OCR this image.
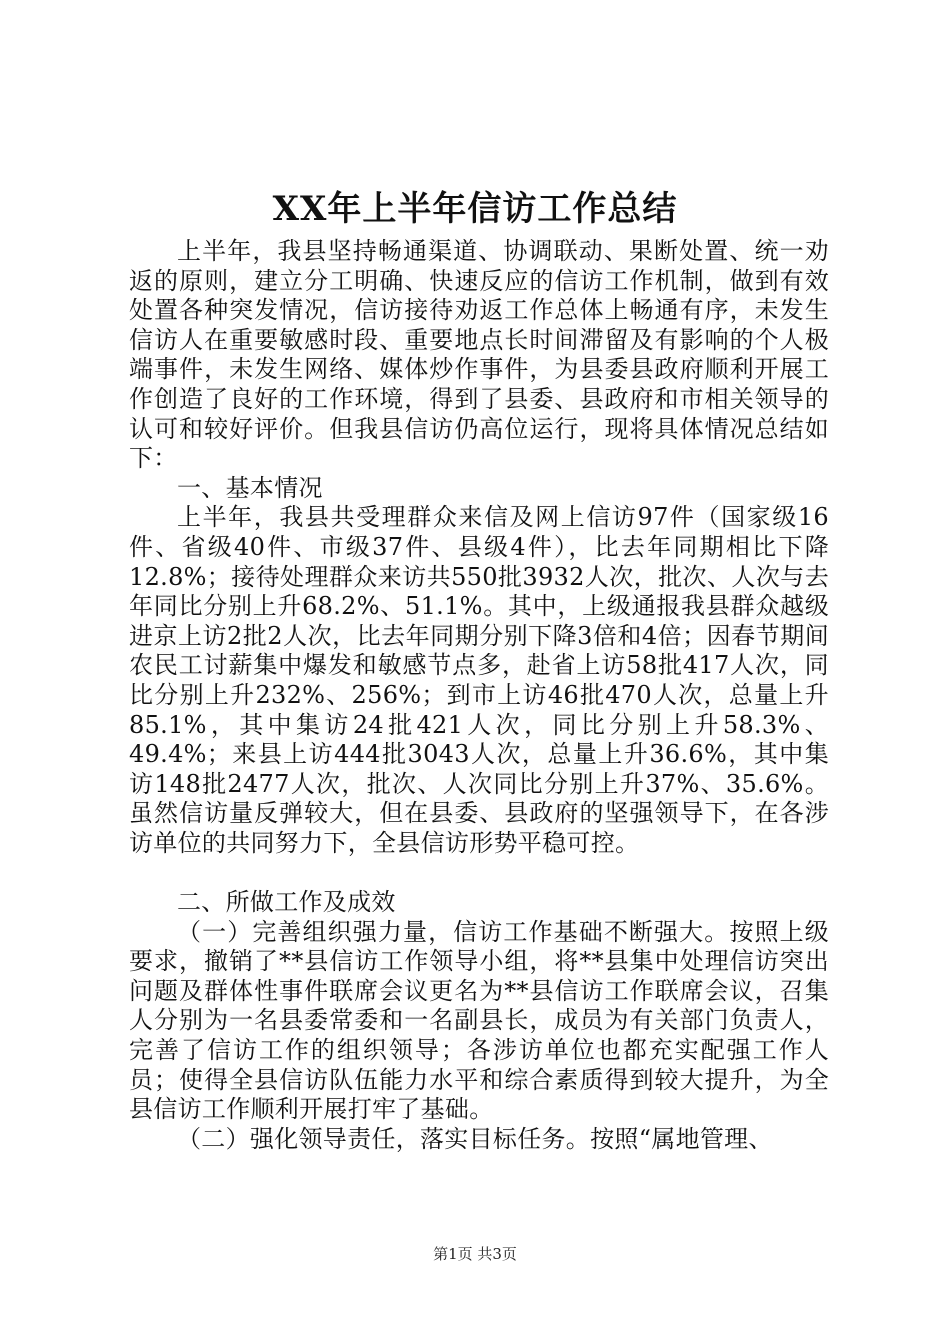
XX年上半年信访工作总结

上半年，我县坚持畅通渠道、协调联动、果断处置、统一劝返的原则，建立分工明确、快速反应的信访工作机制，做到有效处置各种突发情况，信访接待劝返工作总体上畅通有序，未发生信访人在重要敏感时段、重要地点长时间滞留及有影响的个人极端事件，未发生网络、媒体炒作事件，为县委县政府顺利开展工作创造了良好的工作环境，得到了县委、县政府和市相关领导的认可和较好评价。但我县信访仍高位运行，现将具体情况总结如下：

一、基本情况

上半年，我县共受理群众来信及网上信访97件（国家级16件、省级40件、市级37件、县级4件），比去年同期相比下降12.8%；接待处理群众来访共550批3932人次，批次、人次与去年同比分别上升68.2%、51.1%。其中，上级通报我县群众越级进京上访2批2人次，比去年同期分别下降3倍和4倍；因春节期间农民工讨薪集中爆发和敏感节点多，赴省上访58批417人次，同比分别上升232%、256%；到市上访46批470人次，总量上升85.1%，其中集访24批421人次，同比分别上升58.3%、49.4%；来县上访444批3043人次，总量上升36.6%，其中集访148批2477人次，批次、人次同比分别上升37%、35.6%。虽然信访量反弹较大，但在县委、县政府的坚强领导下，在各涉访单位的共同努力下，全县信访形势平稳可控。

二、所做工作及成效

（一）完善组织强力量，信访工作基础不断强大。按照上级要求，撤销了**县信访工作领导小组，将**县集中处理信访突出问题及群体性事件联席会议更名为**县信访工作联席会议，召集人分别为一名县委常委和一名副县长，成员为有关部门负责人，完善了信访工作的组织领导；各涉访单位也都充实配强工作人员；使得全县信访队伍能力水平和综合素质得到较大提升，为全县信访工作顺利开展打牢了基础。

（二）强化领导责任，落实目标任务。按照“属地管理、

第1页 共3页
